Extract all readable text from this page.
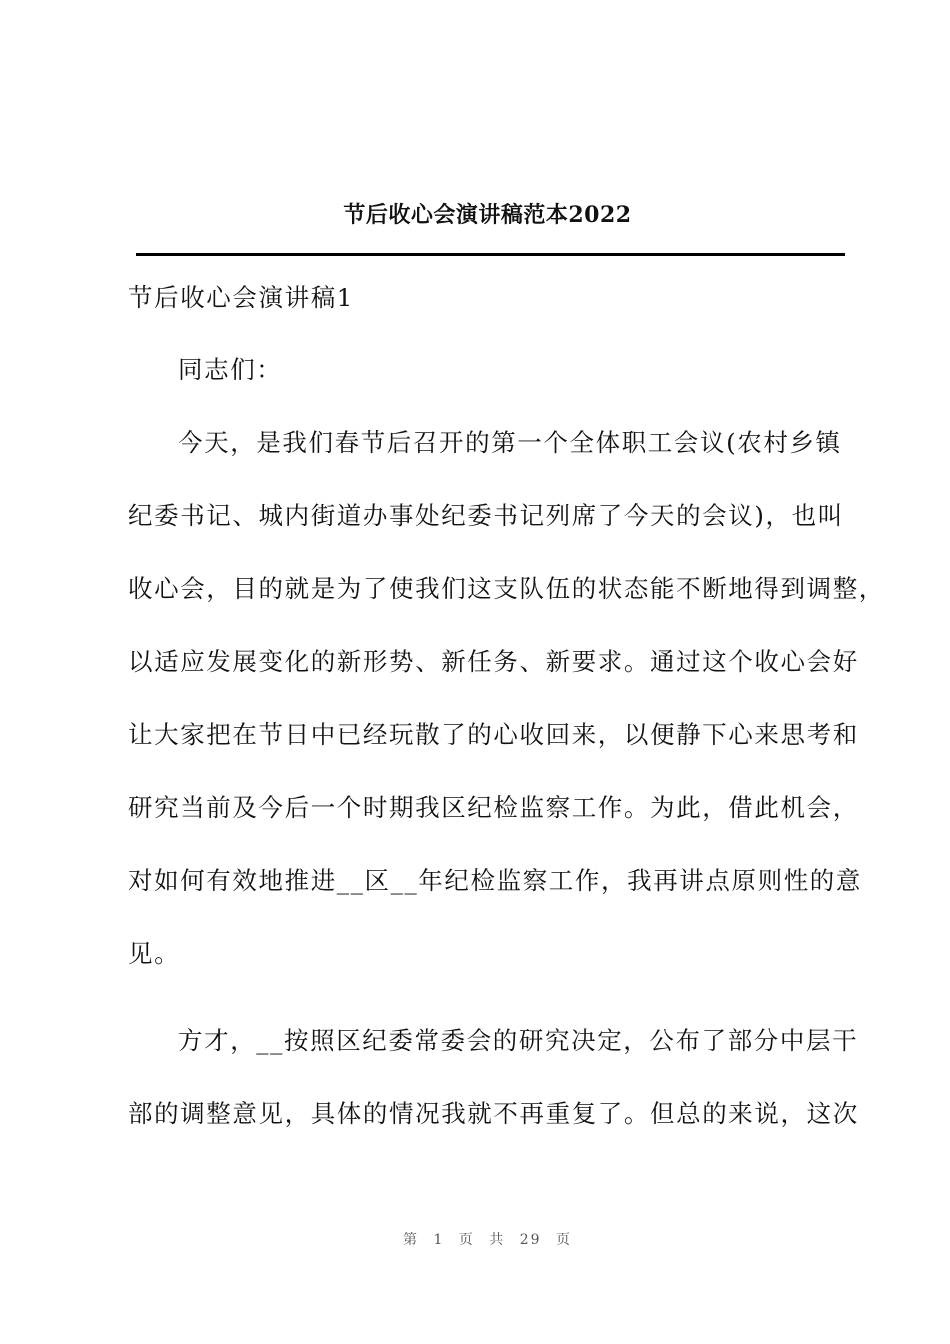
节后收心会演讲稿范本2022
节后收心会演讲稿1
同志们：
今天，是我们春节后召开的第一个全体职工会议(农村乡镇
纪委书记、城内街道办事处纪委书记列席了今天的会议)，也叫
收心会，目的就是为了使我们这支队伍的状态能不断地得到调整，
以适应发展变化的新形势、新任务、新要求。通过这个收心会好
让大家把在节日中已经玩散了的心收回来，以便静下心来思考和
研究当前及今后一个时期我区纪检监察工作。为此，借此机会，
对如何有效地推进__区__年纪检监察工作，我再讲点原则性的意
见。
方才，__按照区纪委常委会的研究决定，公布了部分中层干
部的调整意见，具体的情况我就不再重复了。但总的来说，这次
第 1 页 共 29 页
